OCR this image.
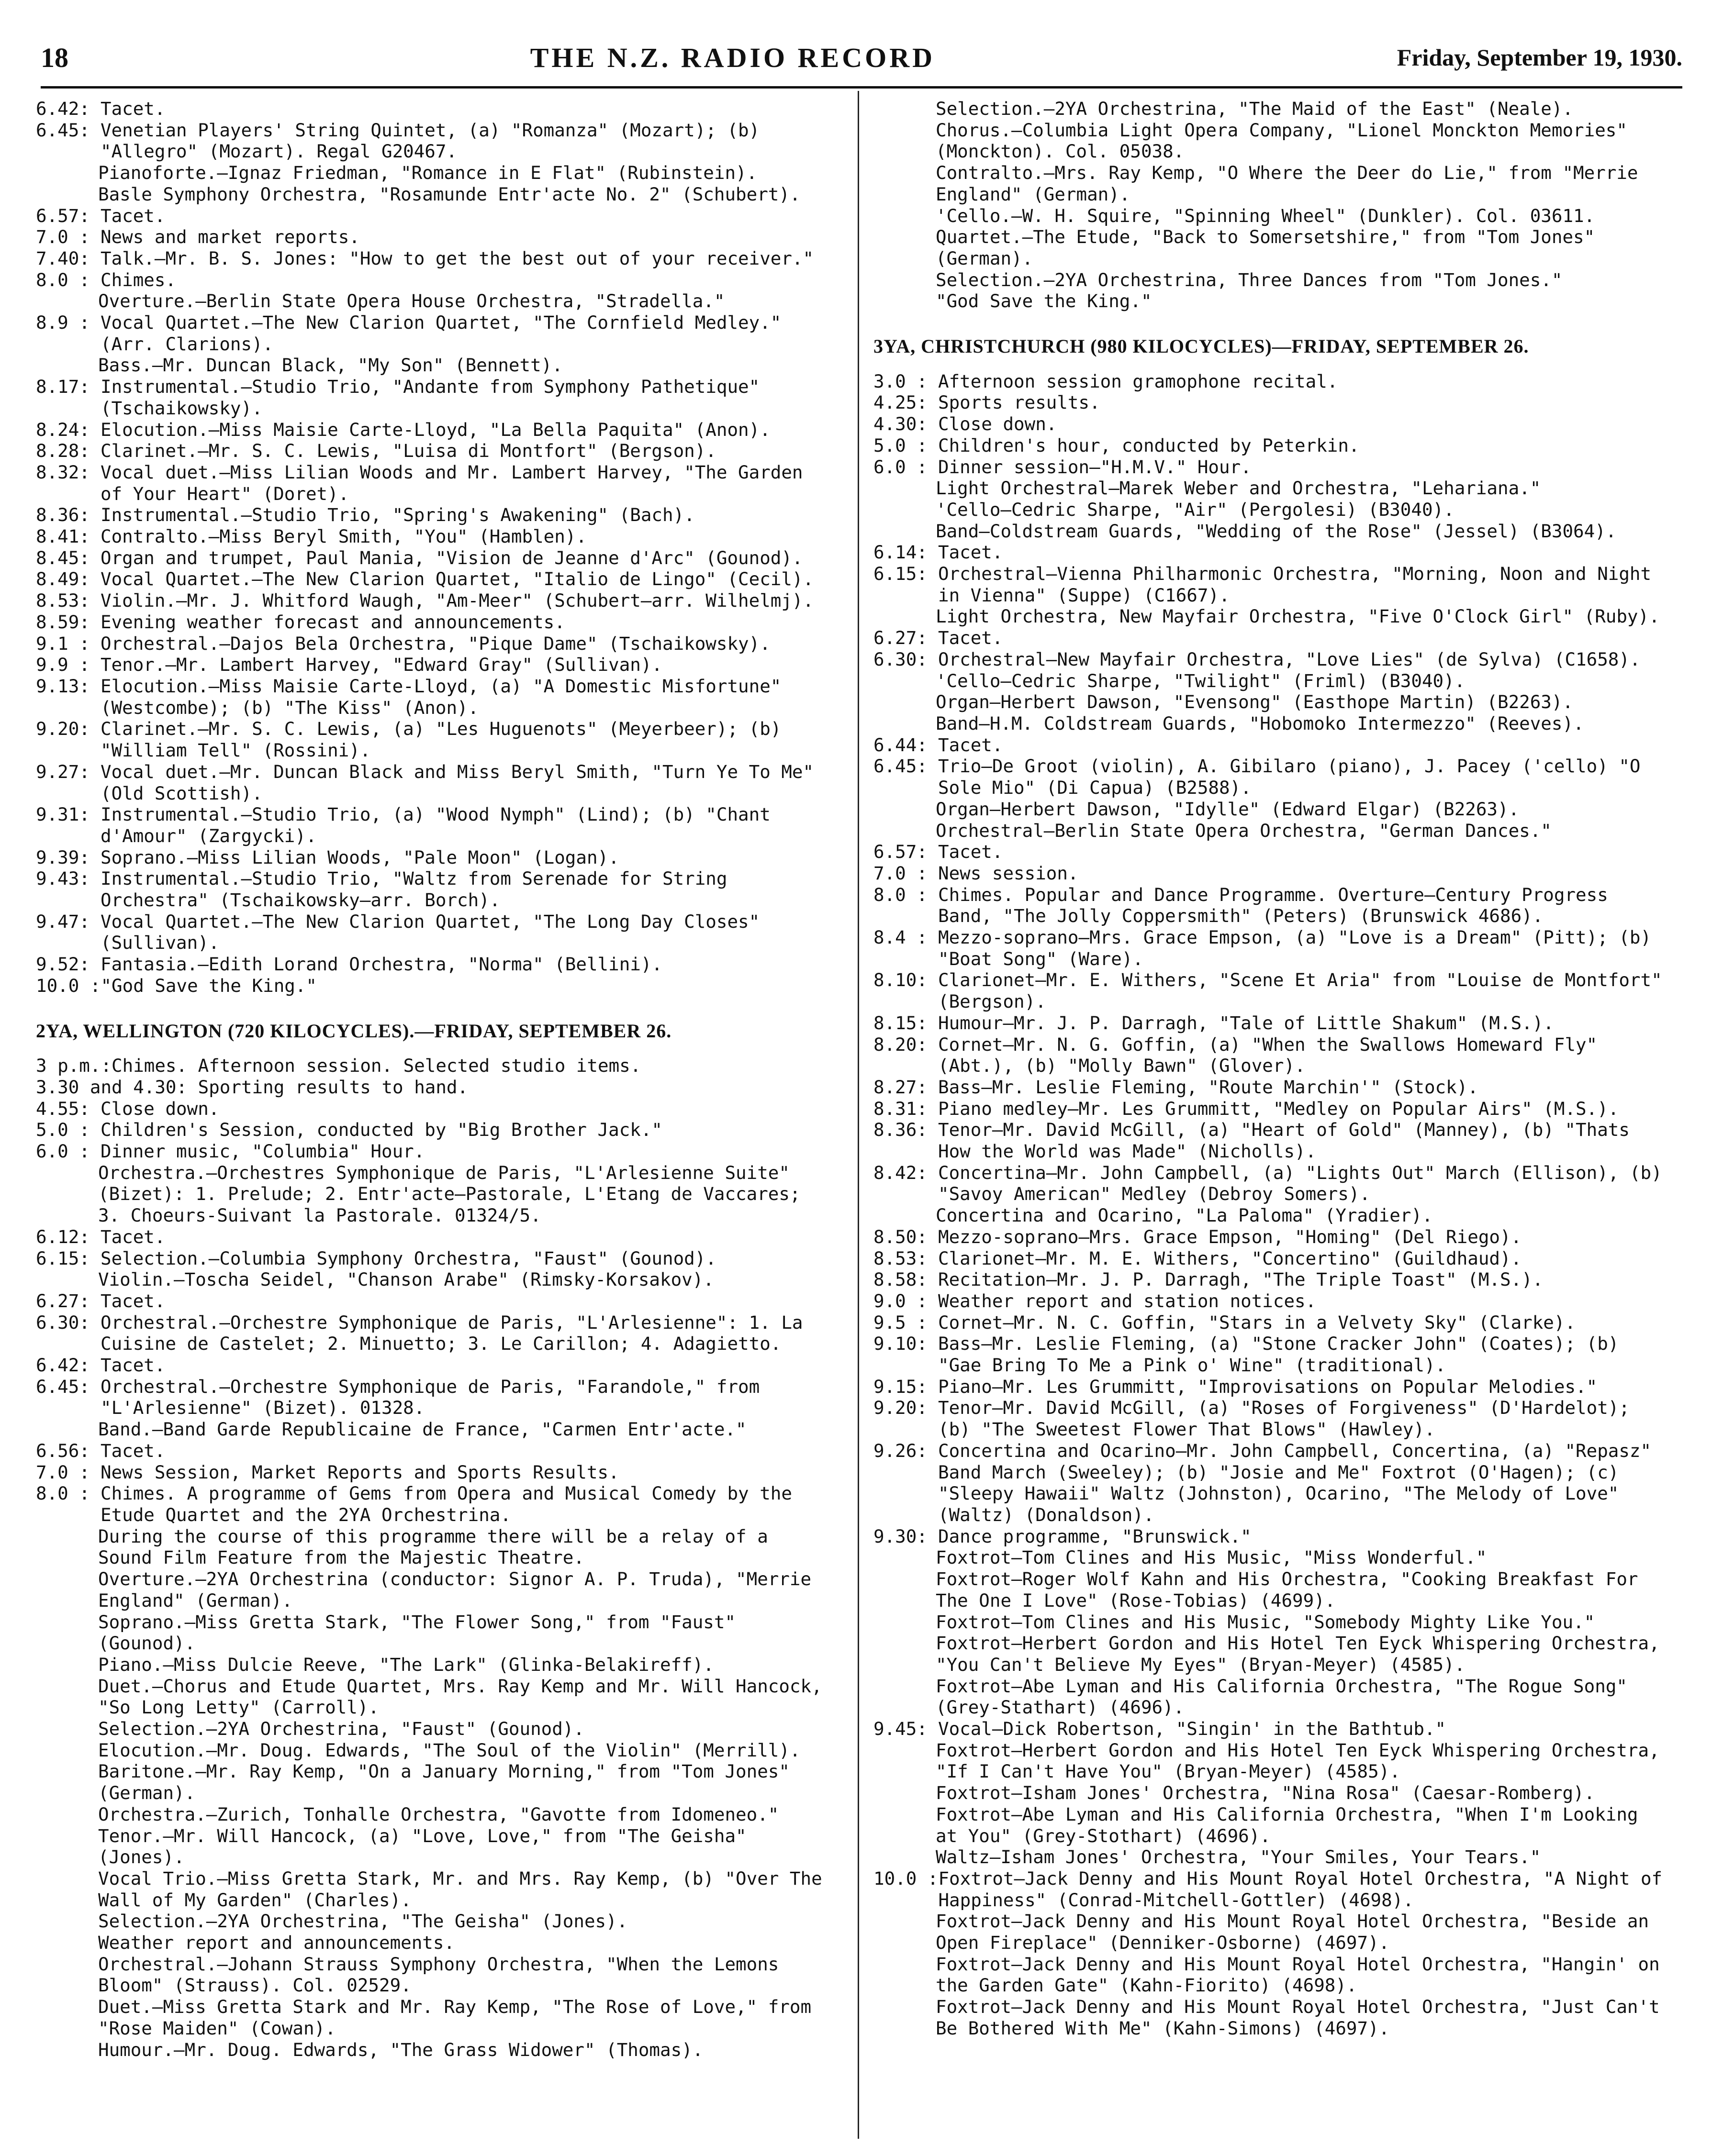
18	THE N.Z. RADIO RECORD	Friday, September 19, 1930.
6.42: Tacet.
6.45: Venetian Players' String Quintet, (a) "Romanza" (Mozart); (b) "Allegro" (Mozart). Regal G20467.
Pianoforte.—Ignaz Friedman, "Romance in E Flat" (Rubinstein).
Basle Symphony Orchestra, "Rosamunde Entr'acte No. 2" (Schubert).
6.57: Tacet.
7.0 : News and market reports.
7.40: Talk.—Mr. B. S. Jones: "How to get the best out of your receiver."
8.0 : Chimes.
Overture.—Berlin State Opera House Orchestra, "Stradella."
8.9 : Vocal Quartet.—The New Clarion Quartet, "The Cornfield Medley." (Arr. Clarions).
Bass.—Mr. Duncan Black, "My Son" (Bennett).
8.17: Instrumental.—Studio Trio, "Andante from Symphony Pathetique" (Tschaikowsky).
8.24: Elocution.—Miss Maisie Carte-Lloyd, "La Bella Paquita" (Anon).
8.28: Clarinet.—Mr. S. C. Lewis, "Luisa di Montfort" (Bergson).
8.32: Vocal duet.—Miss Lilian Woods and Mr. Lambert Harvey, "The Garden of Your Heart" (Doret).
8.36: Instrumental.—Studio Trio, "Spring's Awakening" (Bach).
8.41: Contralto.—Miss Beryl Smith, "You" (Hamblen).
8.45: Organ and trumpet, Paul Mania, "Vision de Jeanne d'Arc" (Gounod).
8.49: Vocal Quartet.—The New Clarion Quartet, "Italio de Lingo" (Cecil).
8.53: Violin.—Mr. J. Whitford Waugh, "Am-Meer" (Schubert—arr. Wilhelmj).
8.59: Evening weather forecast and announcements.
9.1 : Orchestral.—Dajos Bela Orchestra, "Pique Dame" (Tschaikowsky).
9.9 : Tenor.—Mr. Lambert Harvey, "Edward Gray" (Sullivan).
9.13: Elocution.—Miss Maisie Carte-Lloyd, (a) "A Domestic Misfortune" (Westcombe); (b) "The Kiss" (Anon).
9.20: Clarinet.—Mr. S. C. Lewis, (a) "Les Huguenots" (Meyerbeer); (b) "William Tell" (Rossini).
9.27: Vocal duet.—Mr. Duncan Black and Miss Beryl Smith, "Turn Ye To Me" (Old Scottish).
9.31: Instrumental.—Studio Trio, (a) "Wood Nymph" (Lind); (b) "Chant d'Amour" (Zargycki).
9.39: Soprano.—Miss Lilian Woods, "Pale Moon" (Logan).
9.43: Instrumental.—Studio Trio, "Waltz from Serenade for String Orchestra" (Tschaikowsky—arr. Borch).
9.47: Vocal Quartet.—The New Clarion Quartet, "The Long Day Closes" (Sullivan).
9.52: Fantasia.—Edith Lorand Orchestra, "Norma" (Bellini).
10.0 : "God Save the King."
2YA, WELLINGTON (720 KILOCYCLES).—FRIDAY, SEPTEMBER 26.
3 p.m.: Chimes. Afternoon session. Selected studio items.
3.30 and 4.30: Sporting results to hand.
4.55: Close down.
5.0 : Children's Session, conducted by "Big Brother Jack."
6.0 : Dinner music, "Columbia" Hour.
Orchestra.—Orchestres Symphonique de Paris, "L'Arlesienne Suite" (Bizet): 1. Prelude; 2. Entr'acte—Pastorale, L'Etang de Vaccares; 3. Choeurs-Suivant la Pastorale. 01324/5.
6.12: Tacet.
6.15: Selection.—Columbia Symphony Orchestra, "Faust" (Gounod).
Violin.—Toscha Seidel, "Chanson Arabe" (Rimsky-Korsakov).
6.27: Tacet.
6.30: Orchestral.—Orchestre Symphonique de Paris, "L'Arlesienne": 1. La Cuisine de Castelet; 2. Minuetto; 3. Le Carillon; 4. Adagietto.
6.42: Tacet.
6.45: Orchestral.—Orchestre Symphonique de Paris, "Farandole," from "L'Arlesienne" (Bizet). 01328.
Band.—Band Garde Republicaine de France, "Carmen Entr'acte."
6.56: Tacet.
7.0 : News Session, Market Reports and Sports Results.
8.0 : Chimes. A programme of Gems from Opera and Musical Comedy by the Etude Quartet and the 2YA Orchestrina.
During the course of this programme there will be a relay of a Sound Film Feature from the Majestic Theatre.
Overture.—2YA Orchestrina (conductor: Signor A. P. Truda), "Merrie England" (German).
Soprano.—Miss Gretta Stark, "The Flower Song," from "Faust" (Gounod).
Piano.—Miss Dulcie Reeve, "The Lark" (Glinka-Belakireff).
Duet.—Chorus and Etude Quartet, Mrs. Ray Kemp and Mr. Will Hancock, "So Long Letty" (Carroll).
Selection.—2YA Orchestrina, "Faust" (Gounod).
Elocution.—Mr. Doug. Edwards, "The Soul of the Violin" (Merrill).
Baritone.—Mr. Ray Kemp, "On a January Morning," from "Tom Jones" (German).
Orchestra.—Zurich, Tonhalle Orchestra, "Gavotte from Idomeneo."
Tenor.—Mr. Will Hancock, (a) "Love, Love," from "The Geisha" (Jones).
Vocal Trio.—Miss Gretta Stark, Mr. and Mrs. Ray Kemp, (b) "Over The Wall of My Garden" (Charles).
Selection.—2YA Orchestrina, "The Geisha" (Jones).
Weather report and announcements.
Orchestral.—Johann Strauss Symphony Orchestra, "When the Lemons Bloom" (Strauss). Col. 02529.
Duet.—Miss Gretta Stark and Mr. Ray Kemp, "The Rose of Love," from "Rose Maiden" (Cowan).
Humour.—Mr. Doug. Edwards, "The Grass Widower" (Thomas).
Selection.—2YA Orchestrina, "The Maid of the East" (Neale).
Chorus.—Columbia Light Opera Company, "Lionel Monckton Memories" (Monckton). Col. 05038.
Contralto.—Mrs. Ray Kemp, "O Where the Deer do Lie," from "Merrie England" (German).
'Cello.—W. H. Squire, "Spinning Wheel" (Dunkler). Col. 03611.
Quartet.—The Etude, "Back to Somersetshire," from "Tom Jones" (German).
Selection.—2YA Orchestrina, Three Dances from "Tom Jones."
"God Save the King."
3YA, CHRISTCHURCH (980 KILOCYCLES)—FRIDAY, SEPTEMBER 26.
3.0 : Afternoon session gramophone recital.
4.25: Sports results.
4.30: Close down.
5.0 : Children's hour, conducted by Peterkin.
6.0 : Dinner session—"H.M.V." Hour.
Light Orchestral—Marek Weber and Orchestra, "Lehariana."
'Cello—Cedric Sharpe, "Air" (Pergolesi) (B3040).
Band—Coldstream Guards, "Wedding of the Rose" (Jessel) (B3064).
6.14: Tacet.
6.15: Orchestral—Vienna Philharmonic Orchestra, "Morning, Noon and Night in Vienna" (Suppe) (C1667).
Light Orchestra, New Mayfair Orchestra, "Five O'Clock Girl" (Ruby).
6.27: Tacet.
6.30: Orchestral—New Mayfair Orchestra, "Love Lies" (de Sylva) (C1658).
'Cello—Cedric Sharpe, "Twilight" (Friml) (B3040).
Organ—Herbert Dawson, "Evensong" (Easthope Martin) (B2263).
Band—H.M. Coldstream Guards, "Hobomoko Intermezzo" (Reeves).
6.44: Tacet.
6.45: Trio—De Groot (violin), A. Gibilaro (piano), J. Pacey ('cello) "O Sole Mio" (Di Capua) (B2588).
Organ—Herbert Dawson, "Idylle" (Edward Elgar) (B2263).
Orchestral—Berlin State Opera Orchestra, "German Dances."
6.57: Tacet.
7.0 : News session.
8.0 : Chimes. Popular and Dance Programme. Overture—Century Progress Band, "The Jolly Coppersmith" (Peters) (Brunswick 4686).
8.4 : Mezzo-soprano—Mrs. Grace Empson, (a) "Love is a Dream" (Pitt); (b) "Boat Song" (Ware).
8.10: Clarionet—Mr. E. Withers, "Scene Et Aria" from "Louise de Montfort" (Bergson).
8.15: Humour—Mr. J. P. Darragh, "Tale of Little Shakum" (M.S.).
8.20: Cornet—Mr. N. G. Goffin, (a) "When the Swallows Homeward Fly" (Abt.), (b) "Molly Bawn" (Glover).
8.27: Bass—Mr. Leslie Fleming, "Route Marchin'" (Stock).
8.31: Piano medley—Mr. Les Grummitt, "Medley on Popular Airs" (M.S.).
8.36: Tenor—Mr. David McGill, (a) "Heart of Gold" (Manney), (b) "Thats How the World was Made" (Nicholls).
8.42: Concertina—Mr. John Campbell, (a) "Lights Out" March (Ellison), (b) "Savoy American" Medley (Debroy Somers).
Concertina and Ocarino, "La Paloma" (Yradier).
8.50: Mezzo-soprano—Mrs. Grace Empson, "Homing" (Del Riego).
8.53: Clarionet—Mr. M. E. Withers, "Concertino" (Guildhaud).
8.58: Recitation—Mr. J. P. Darragh, "The Triple Toast" (M.S.).
9.0 : Weather report and station notices.
9.5 : Cornet—Mr. N. C. Goffin, "Stars in a Velvety Sky" (Clarke).
9.10: Bass—Mr. Leslie Fleming, (a) "Stone Cracker John" (Coates); (b) "Gae Bring To Me a Pink o' Wine" (traditional).
9.15: Piano—Mr. Les Grummitt, "Improvisations on Popular Melodies."
9.20: Tenor—Mr. David McGill, (a) "Roses of Forgiveness" (D'Hardelot); (b) "The Sweetest Flower That Blows" (Hawley).
9.26: Concertina and Ocarino—Mr. John Campbell, Concertina, (a) "Repasz" Band March (Sweeley); (b) "Josie and Me" Foxtrot (O'Hagen); (c) "Sleepy Hawaii" Waltz (Johnston), Ocarino, "The Melody of Love" (Waltz) (Donaldson).
9.30: Dance programme, "Brunswick."
Foxtrot—Tom Clines and His Music, "Miss Wonderful."
Foxtrot—Roger Wolf Kahn and His Orchestra, "Cooking Breakfast For The One I Love" (Rose-Tobias) (4699).
Foxtrot—Tom Clines and His Music, "Somebody Mighty Like You."
Foxtrot—Herbert Gordon and His Hotel Ten Eyck Whispering Orchestra, "You Can't Believe My Eyes" (Bryan-Meyer) (4585).
Foxtrot—Abe Lyman and His California Orchestra, "The Rogue Song" (Grey-Stathart) (4696).
9.45: Vocal—Dick Robertson, "Singin' in the Bathtub."
Foxtrot—Herbert Gordon and His Hotel Ten Eyck Whispering Orchestra, "If I Can't Have You" (Bryan-Meyer) (4585).
Foxtrot—Isham Jones' Orchestra, "Nina Rosa" (Caesar-Romberg).
Foxtrot—Abe Lyman and His California Orchestra, "When I'm Looking at You" (Grey-Stothart) (4696).
Waltz—Isham Jones' Orchestra, "Your Smiles, Your Tears."
10.0 : Foxtrot—Jack Denny and His Mount Royal Hotel Orchestra, "A Night of Happiness" (Conrad-Mitchell-Gottler) (4698).
Foxtrot—Jack Denny and His Mount Royal Hotel Orchestra, "Beside an Open Fireplace" (Denniker-Osborne) (4697).
Foxtrot—Jack Denny and His Mount Royal Hotel Orchestra, "Hangin' on the Garden Gate" (Kahn-Fiorito) (4698).
Foxtrot—Jack Denny and His Mount Royal Hotel Orchestra, "Just Can't Be Bothered With Me" (Kahn-Simons) (4697).
